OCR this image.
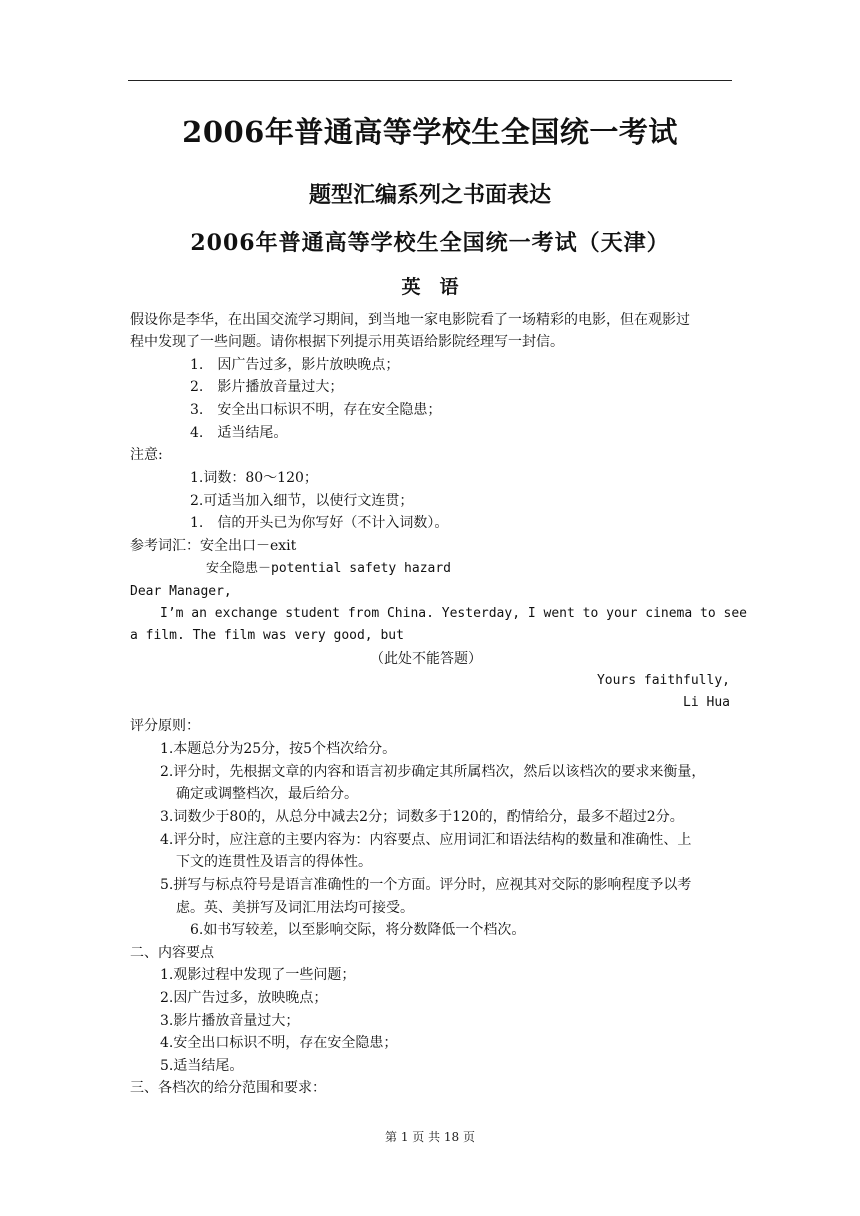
2006年普通高等学校生全国统一考试
题型汇编系列之书面表达
2006年普通高等学校生全国统一考试（天津）
英　语
假设你是李华，在出国交流学习期间，到当地一家电影院看了一场精彩的电影，但在观影过
程中发现了一些问题。请你根据下列提示用英语给影院经理写一封信。
1.　因广告过多，影片放映晚点；
2.　影片播放音量过大；
3.　安全出口标识不明，存在安全隐患；
4.　适当结尾。
注意:
1.词数：80～120；
2.可适当加入细节，以使行文连贯；
1.　信的开头已为你写好（不计入词数）。
参考词汇：安全出口－exit
安全隐患－potential safety hazard
Dear Manager,
I’m an exchange student from China. Yesterday, I went to your cinema to see
a film. The film was very good, but
（此处不能答题）
Yours faithfully,
Li Hua
评分原则：
1.本题总分为25分，按5个档次给分。
2.评分时，先根据文章的内容和语言初步确定其所属档次，然后以该档次的要求来衡量，
确定或调整档次，最后给分。
3.词数少于80的，从总分中减去2分；词数多于120的，酌情给分，最多不超过2分。
4.评分时，应注意的主要内容为：内容要点、应用词汇和语法结构的数量和准确性、上
下文的连贯性及语言的得体性。
5.拼写与标点符号是语言准确性的一个方面。评分时，应视其对交际的影响程度予以考
虑。英、美拼写及词汇用法均可接受。
6.如书写较差，以至影响交际，将分数降低一个档次。
二、内容要点
1.观影过程中发现了一些问题；
2.因广告过多，放映晚点；
3.影片播放音量过大；
4.安全出口标识不明，存在安全隐患；
5.适当结尾。
三、各档次的给分范围和要求：
第 1 页 共 18 页
